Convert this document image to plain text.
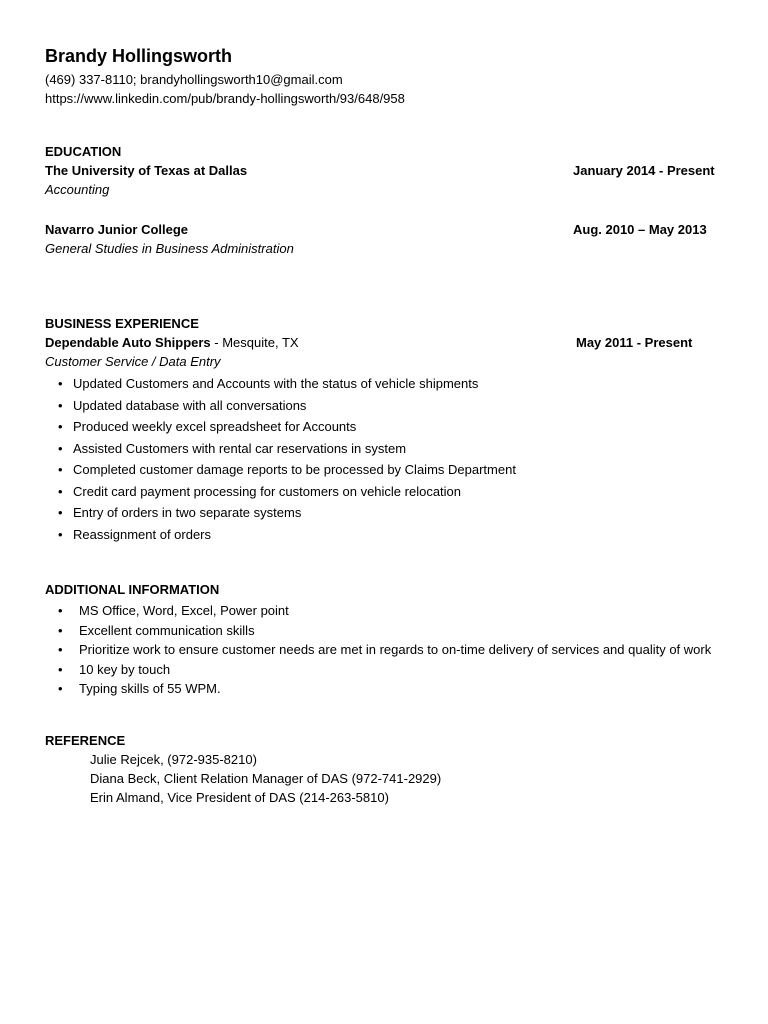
Brandy Hollingsworth

(469) 337-8110; brandyhollingsworth10@gmail.com

https://www.linkedin.com/pub/brandy-hollingsworth/93/648/958

EDUCATION

The University of Texas at Dallas	January 2014 - Present
Accounting
Navarro Junior College	Aug. 2010 – May 2013
General Studies in Business Administration

BUSINESS EXPERIENCE

Dependable Auto Shippers - Mesquite, TX	May 2011 - Present
Customer Service / Data Entry
• Updated Customers and Accounts with the status of vehicle shipments
• Updated database with all conversations
• Produced weekly excel spreadsheet for Accounts
• Assisted Customers with rental car reservations in system
• Completed customer damage reports to be processed by Claims Department
• Credit card payment processing for customers on vehicle relocation
• Entry of orders in two separate systems
• Reassignment of orders

ADDITIONAL INFORMATION

• MS Office, Word, Excel, Power point
• Excellent communication skills
• Prioritize work to ensure customer needs are met in regards to on-time delivery of services and quality of work
• 10 key by touch
• Typing skills of 55 WPM.

REFERENCE

Julie Rejcek, (972-935-8210)
Diana Beck, Client Relation Manager of DAS (972-741-2929)
Erin Almand, Vice President of DAS (214-263-5810)
